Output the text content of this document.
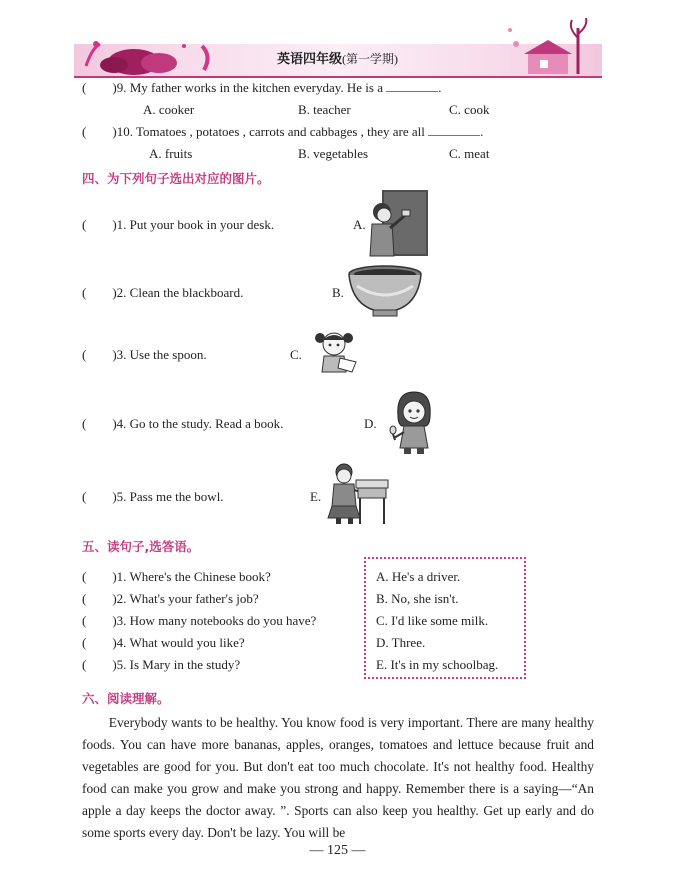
英语四年级(第一学期)
( )9. My father works in the kitchen everyday. He is a	.
A. cooker	B. teacher	C. cook
( )10. Tomatoes , potatoes , carrots and cabbages , they are all	.
A. fruits	B. vegetables	C. meat
四、为下列句子选出对应的图片。
( )1. Put your book in your desk.	A.
( )2. Clean the blackboard.	B.
( )3. Use the spoon.	C.
( )4. Go to the study. Read a book.	D.
( )5. Pass me the bowl.	E.
五、读句子,选答语。
( )1. Where's the Chinese book?
( )2. What's your father's job?
( )3. How many notebooks do you have?
( )4. What would you like?
( )5. Is Mary in the study?
A. He's a driver.
B. No, she isn't.
C. I'd like some milk.
D. Three.
E. It's in my schoolbag.
六、阅读理解。
Everybody wants to be healthy. You know food is very important. There are many healthy foods. You can have more bananas, apples, oranges, tomatoes and lettuce because fruit and vegetables are good for you. But don't eat too much chocolate. It's not healthy food. Healthy food can make you grow and make you strong and happy. Remember there is a saying—“An apple a day keeps the doctor away. ”. Sports can also keep you healthy. Get up early and do some sports every day. Don't be lazy. You will be
— 125 —
